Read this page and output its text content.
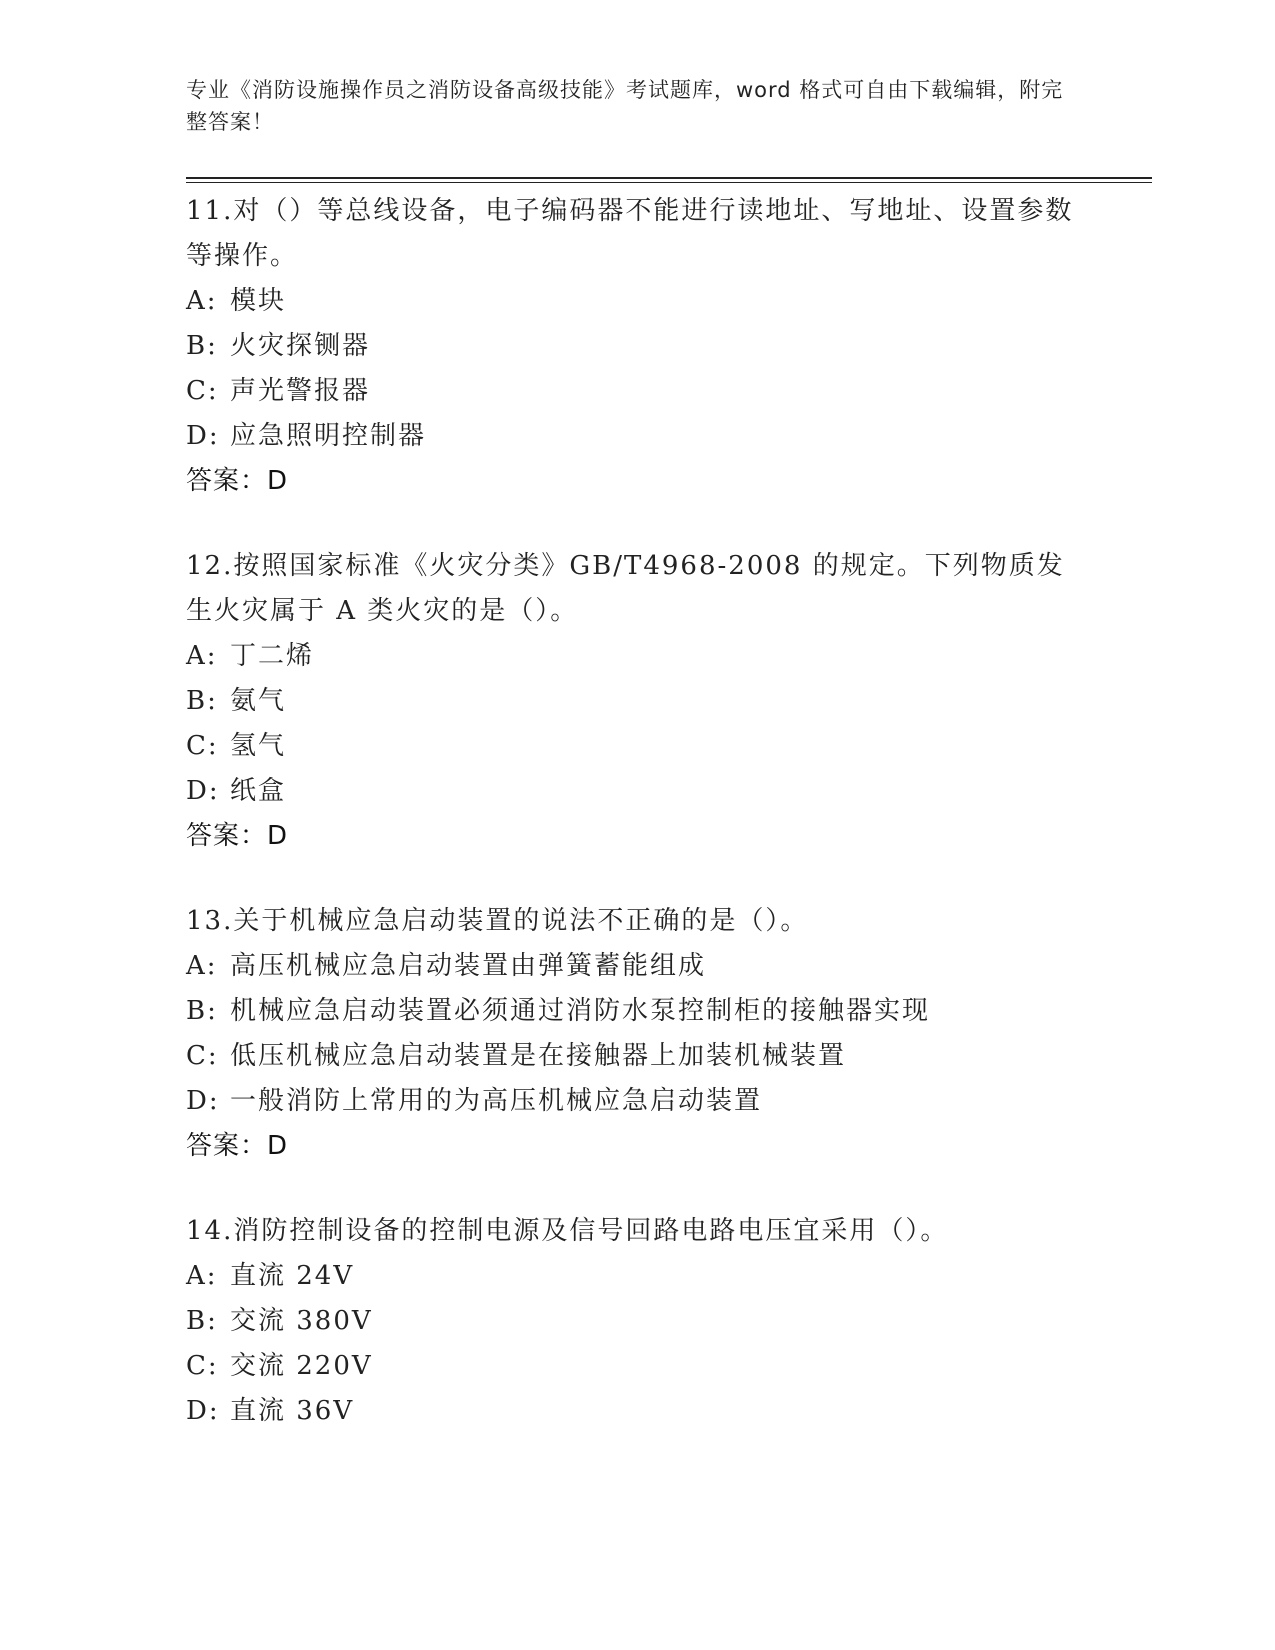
专业《消防设施操作员之消防设备高级技能》考试题库，word 格式可自由下载编辑，附完整答案！

11.对（）等总线设备，电子编码器不能进行读地址、写地址、设置参数等操作。

A: 模块
B: 火灾探铡器
C: 声光警报器
D: 应急照明控制器
答案：D

12.按照国家标准《火灾分类》GB/T4968-2008 的规定。下列物质发生火灾属于 A 类火灾的是（）。

A: 丁二烯
B: 氨气
C: 氢气
D: 纸盒
答案：D

13.关于机械应急启动装置的说法不正确的是（）。

A: 高压机械应急启动装置由弹簧蓄能组成
B: 机械应急启动装置必须通过消防水泵控制柜的接触器实现
C: 低压机械应急启动装置是在接触器上加装机械装置
D: 一般消防上常用的为高压机械应急启动装置
答案：D

14.消防控制设备的控制电源及信号回路电路电压宜采用（）。

A: 直流 24V
B: 交流 380V
C: 交流 220V
D: 直流 36V
